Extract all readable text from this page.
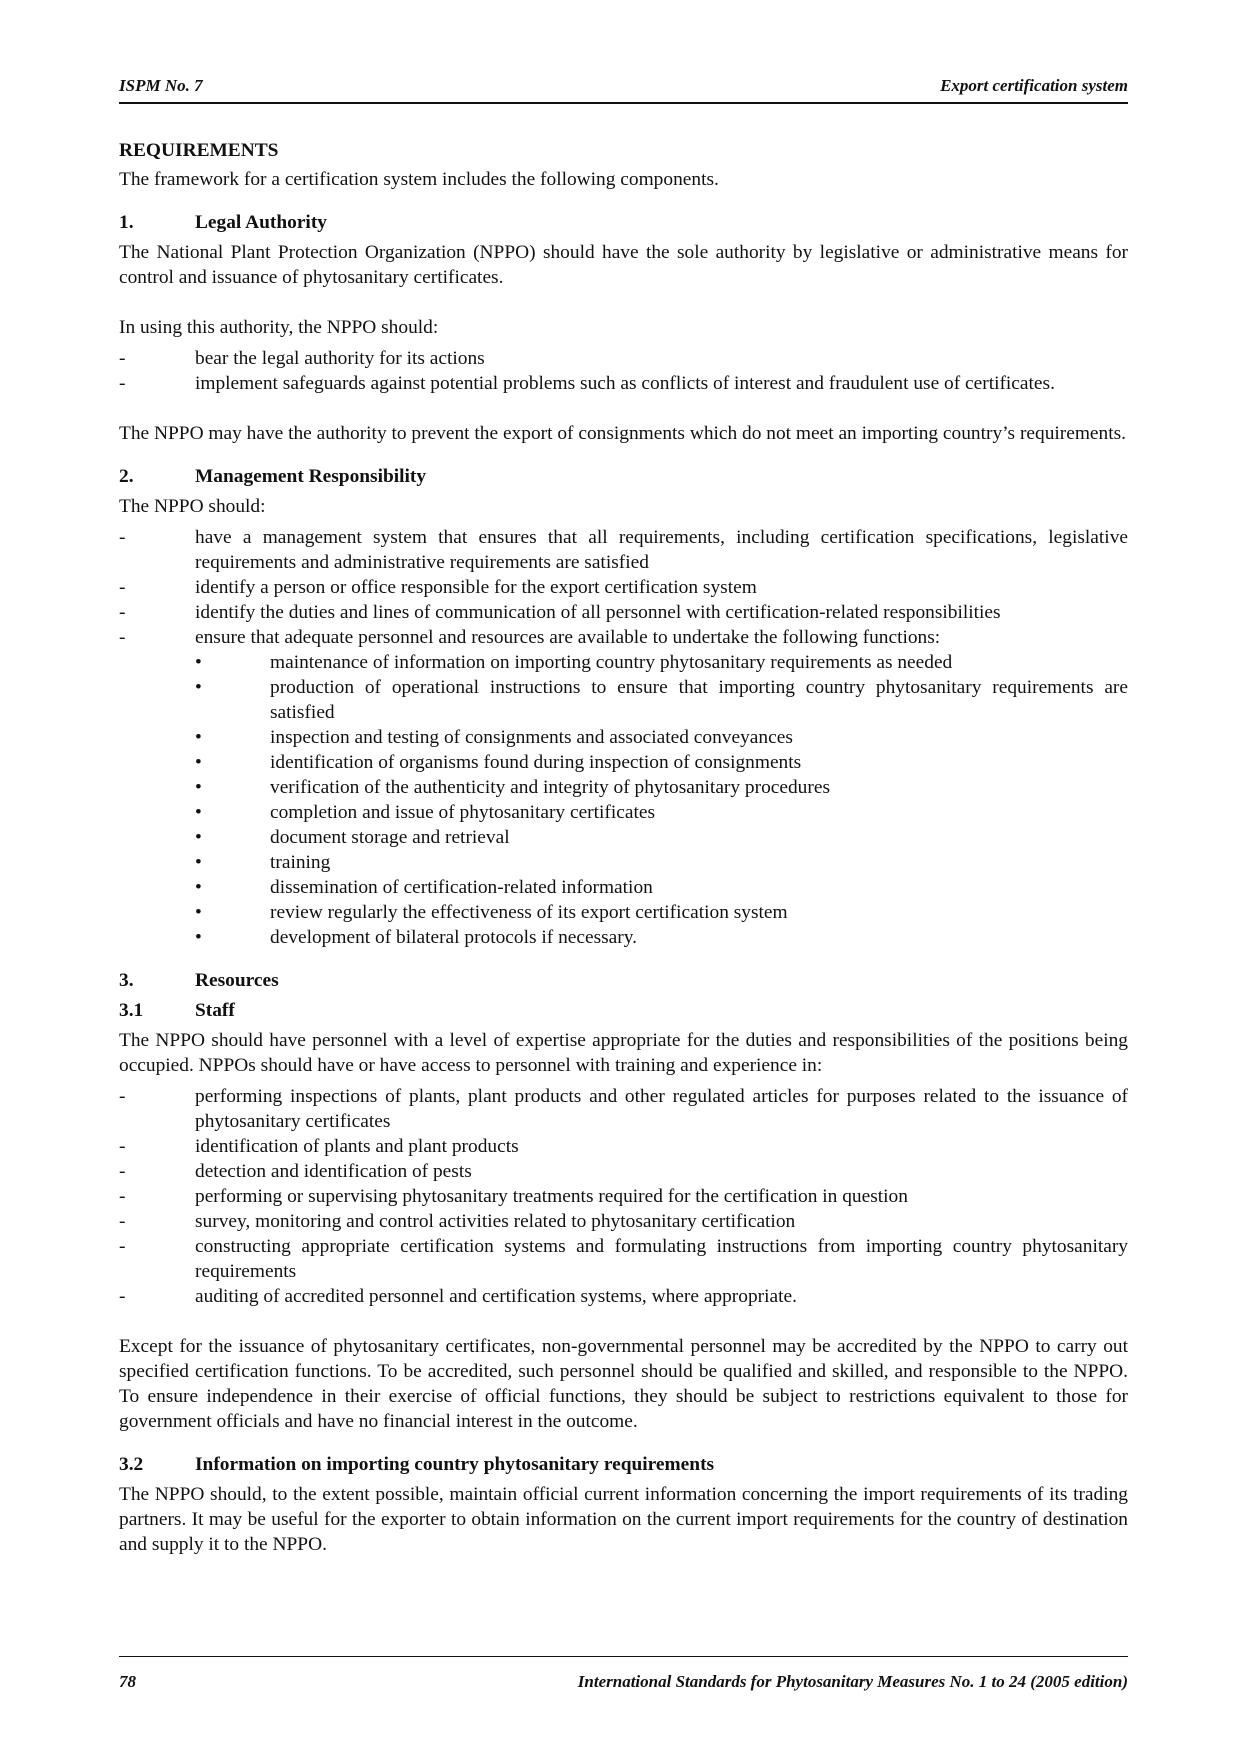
ISPM No. 7	Export certification system
REQUIREMENTS

The framework for a certification system includes the following components.

1.	Legal Authority

The National Plant Protection Organization (NPPO) should have the sole authority by legislative or administrative means for control and issuance of phytosanitary certificates.

In using this authority, the NPPO should:

- bear the legal authority for its actions
- implement safeguards against potential problems such as conflicts of interest and fraudulent use of certificates.

The NPPO may have the authority to prevent the export of consignments which do not meet an importing country’s requirements.

2.	Management Responsibility

The NPPO should:

- have a management system that ensures that all requirements, including certification specifications, legislative requirements and administrative requirements are satisfied
- identify a person or office responsible for the export certification system
- identify the duties and lines of communication of all personnel with certification-related responsibilities
- ensure that adequate personnel and resources are available to undertake the following functions:
• maintenance of information on importing country phytosanitary requirements as needed
• production of operational instructions to ensure that importing country phytosanitary requirements are satisfied
• inspection and testing of consignments and associated conveyances
• identification of organisms found during inspection of consignments
• verification of the authenticity and integrity of phytosanitary procedures
• completion and issue of phytosanitary certificates
• document storage and retrieval
• training
• dissemination of certification-related information
• review regularly the effectiveness of its export certification system
• development of bilateral protocols if necessary.
3.	Resources
3.1	Staff

The NPPO should have personnel with a level of expertise appropriate for the duties and responsibilities of the positions being occupied. NPPOs should have or have access to personnel with training and experience in:

- performing inspections of plants, plant products and other regulated articles for purposes related to the issuance of phytosanitary certificates
- identification of plants and plant products
- detection and identification of pests
- performing or supervising phytosanitary treatments required for the certification in question
- survey, monitoring and control activities related to phytosanitary certification
- constructing appropriate certification systems and formulating instructions from importing country phytosanitary requirements
- auditing of accredited personnel and certification systems, where appropriate.

Except for the issuance of phytosanitary certificates, non-governmental personnel may be accredited by the NPPO to carry out specified certification functions. To be accredited, such personnel should be qualified and skilled, and responsible to the NPPO. To ensure independence in their exercise of official functions, they should be subject to restrictions equivalent to those for government officials and have no financial interest in the outcome.

3.2	Information on importing country phytosanitary requirements

The NPPO should, to the extent possible, maintain official current information concerning the import requirements of its trading partners. It may be useful for the exporter to obtain information on the current import requirements for the country of destination and supply it to the NPPO.

78	International Standards for Phytosanitary Measures No. 1 to 24 (2005 edition)
